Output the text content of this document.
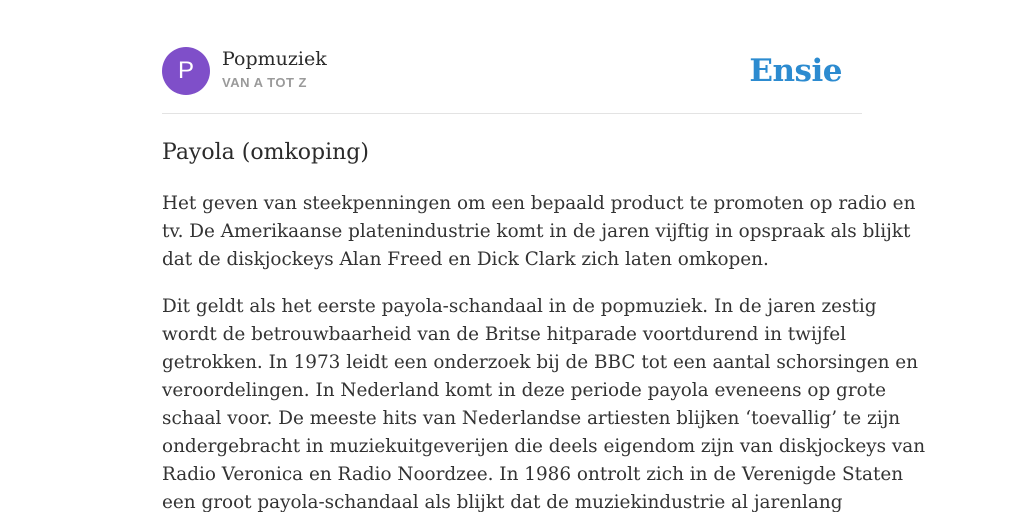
P	Popmuziek
VAN A TOT Z	Ensie
Payola (omkoping)

Het geven van steekpenningen om een bepaald product te promoten op radio en
tv. De Amerikaanse platenindustrie komt in de jaren vijftig in opspraak als blijkt
dat de diskjockeys Alan Freed en Dick Clark zich laten omkopen.

Dit geldt als het eerste payola-schandaal in de popmuziek. In de jaren zestig
wordt de betrouwbaarheid van de Britse hitparade voortdurend in twijfel
getrokken. In 1973 leidt een onderzoek bij de BBC tot een aantal schorsingen en
veroordelingen. In Nederland komt in deze periode payola eveneens op grote
schaal voor. De meeste hits van Nederlandse artiesten blijken ‘toevallig’ te zijn
ondergebracht in muziekuitgeverijen die deels eigendom zijn van diskjockeys van
Radio Veronica en Radio Noordzee. In 1986 ontrolt zich in de Verenigde Staten
een groot payola-schandaal als blijkt dat de muziekindustrie al jarenlang
